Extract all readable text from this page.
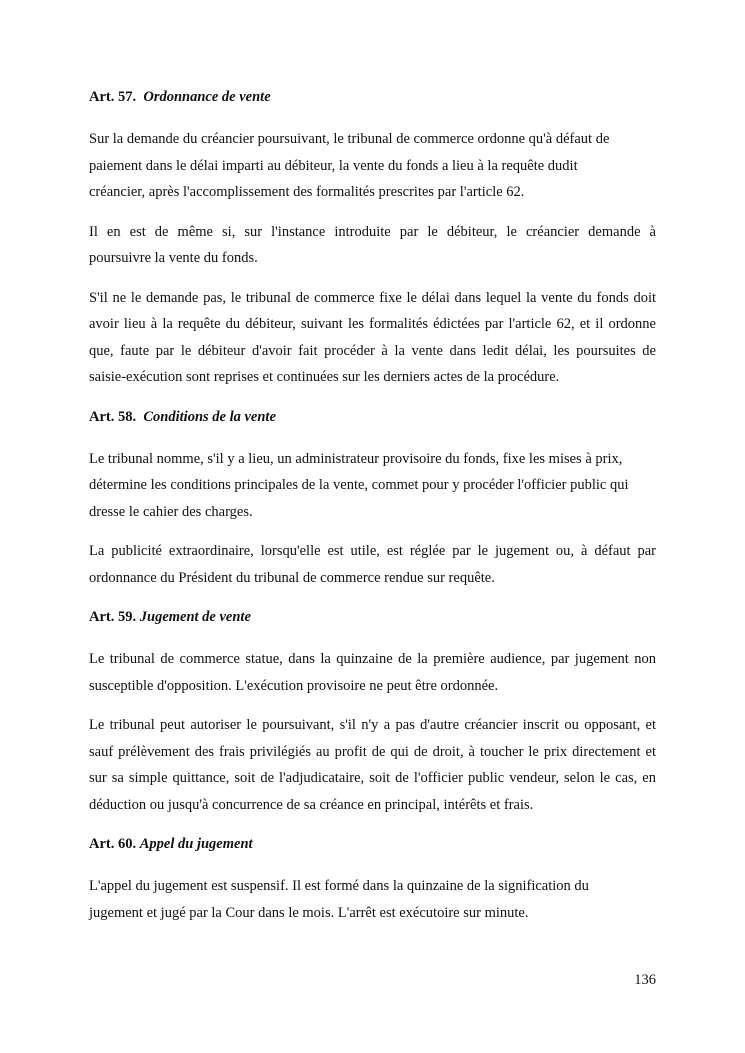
Art. 57. Ordonnance de vente

Sur la demande du créancier poursuivant, le tribunal de commerce ordonne qu'à défaut de
paiement dans le délai imparti au débiteur, la vente du fonds a lieu à la requête dudit
créancier, après l'accomplissement des formalités prescrites par l'article 62.

Il en est de même si, sur l'instance introduite par le débiteur, le créancier demande à
poursuivre la vente du fonds.

S'il ne le demande pas, le tribunal de commerce fixe le délai dans lequel la vente du fonds doit
avoir lieu à la requête du débiteur, suivant les formalités édictées par l'article 62, et il ordonne
que, faute par le débiteur d'avoir fait procéder à la vente dans ledit délai, les poursuites de
saisie-exécution sont reprises et continuées sur les derniers actes de la procédure.

Art. 58. Conditions de la vente

Le tribunal nomme, s'il y a lieu, un administrateur provisoire du fonds, fixe les mises à prix,
détermine les conditions principales de la vente, commet pour y procéder l'officier public qui
dresse le cahier des charges.

La publicité extraordinaire, lorsqu'elle est utile, est réglée par le jugement ou, à défaut par
ordonnance du Président du tribunal de commerce rendue sur requête.

Art. 59. Jugement de vente

Le tribunal de commerce statue, dans la quinzaine de la première audience, par jugement non
susceptible d'opposition. L'exécution provisoire ne peut être ordonnée.

Le tribunal peut autoriser le poursuivant, s'il n'y a pas d'autre créancier inscrit ou opposant, et
sauf prélèvement des frais privilégiés au profit de qui de droit, à toucher le prix directement et
sur sa simple quittance, soit de l'adjudicataire, soit de l'officier public vendeur, selon le cas, en
déduction ou jusqu'à concurrence de sa créance en principal, intérêts et frais.

Art. 60. Appel du jugement

L'appel du jugement est suspensif. Il est formé dans la quinzaine de la signification du
jugement et jugé par la Cour dans le mois. L'arrêt est exécutoire sur minute.

136
